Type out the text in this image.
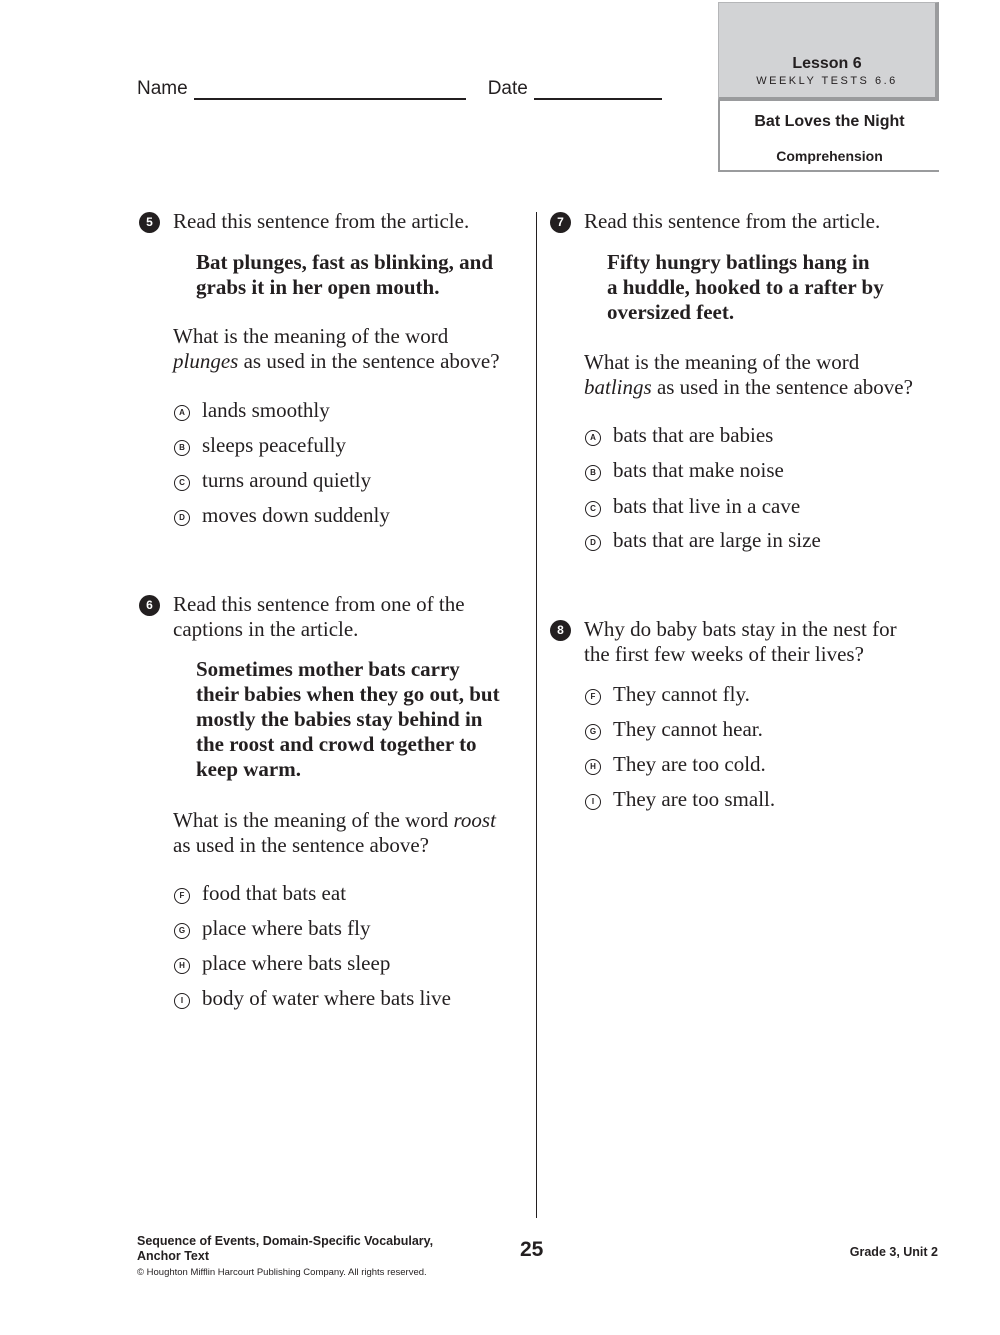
Name	Date
Lesson 6
WEEKLY TESTS 6.6
Bat Loves the Night
Comprehension
5 Read this sentence from the article.
Bat plunges, fast as blinking, and
grabs it in her open mouth.
What is the meaning of the word
plunges as used in the sentence above?
A lands smoothly
B sleeps peacefully
C turns around quietly
D moves down suddenly
6 Read this sentence from one of the
captions in the article.
Sometimes mother bats carry
their babies when they go out, but
mostly the babies stay behind in
the roost and crowd together to
keep warm.
What is the meaning of the word roost
as used in the sentence above?
F food that bats eat
G place where bats fly
H place where bats sleep
I body of water where bats live
7 Read this sentence from the article.
Fifty hungry batlings hang in
a huddle, hooked to a rafter by
oversized feet.
What is the meaning of the word
batlings as used in the sentence above?
A bats that are babies
B bats that make noise
C bats that live in a cave
D bats that are large in size
8 Why do baby bats stay in the nest for
the first few weeks of their lives?
F They cannot fly.
G They cannot hear.
H They are too cold.
I They are too small.
Sequence of Events, Domain-Specific Vocabulary,
Anchor Text
© Houghton Mifflin Harcourt Publishing Company. All rights reserved.
25	Grade 3, Unit 2
